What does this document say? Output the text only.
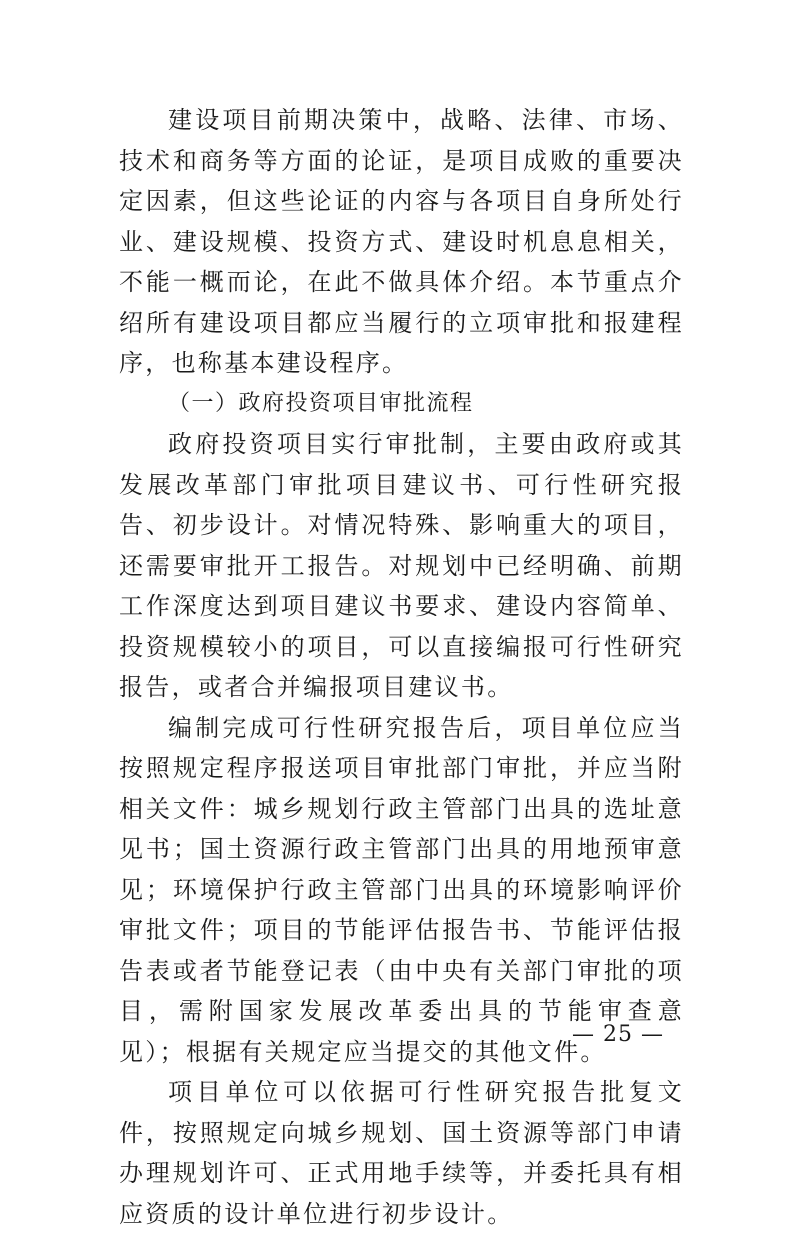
建设项目前期决策中，战略、法律、市场、技术和商务等方面的论证，是项目成败的重要决定因素，但这些论证的内容与各项目自身所处行业、建设规模、投资方式、建设时机息息相关，不能一概而论，在此不做具体介绍。本节重点介绍所有建设项目都应当履行的立项审批和报建程序，也称基本建设程序。

（一）政府投资项目审批流程

政府投资项目实行审批制，主要由政府或其发展改革部门审批项目建议书、可行性研究报告、初步设计。对情况特殊、影响重大的项目，还需要审批开工报告。对规划中已经明确、前期工作深度达到项目建议书要求、建设内容简单、投资规模较小的项目，可以直接编报可行性研究报告，或者合并编报项目建议书。

编制完成可行性研究报告后，项目单位应当按照规定程序报送项目审批部门审批，并应当附相关文件：城乡规划行政主管部门出具的选址意见书；国土资源行政主管部门出具的用地预审意见；环境保护行政主管部门出具的环境影响评价审批文件；项目的节能评估报告书、节能评估报告表或者节能登记表（由中央有关部门审批的项目，需附国家发展改革委出具的节能审查意见）；根据有关规定应当提交的其他文件。

项目单位可以依据可行性研究报告批复文件，按照规定向城乡规划、国土资源等部门申请办理规划许可、正式用地手续等，并委托具有相应资质的设计单位进行初步设计。

— 25 —
